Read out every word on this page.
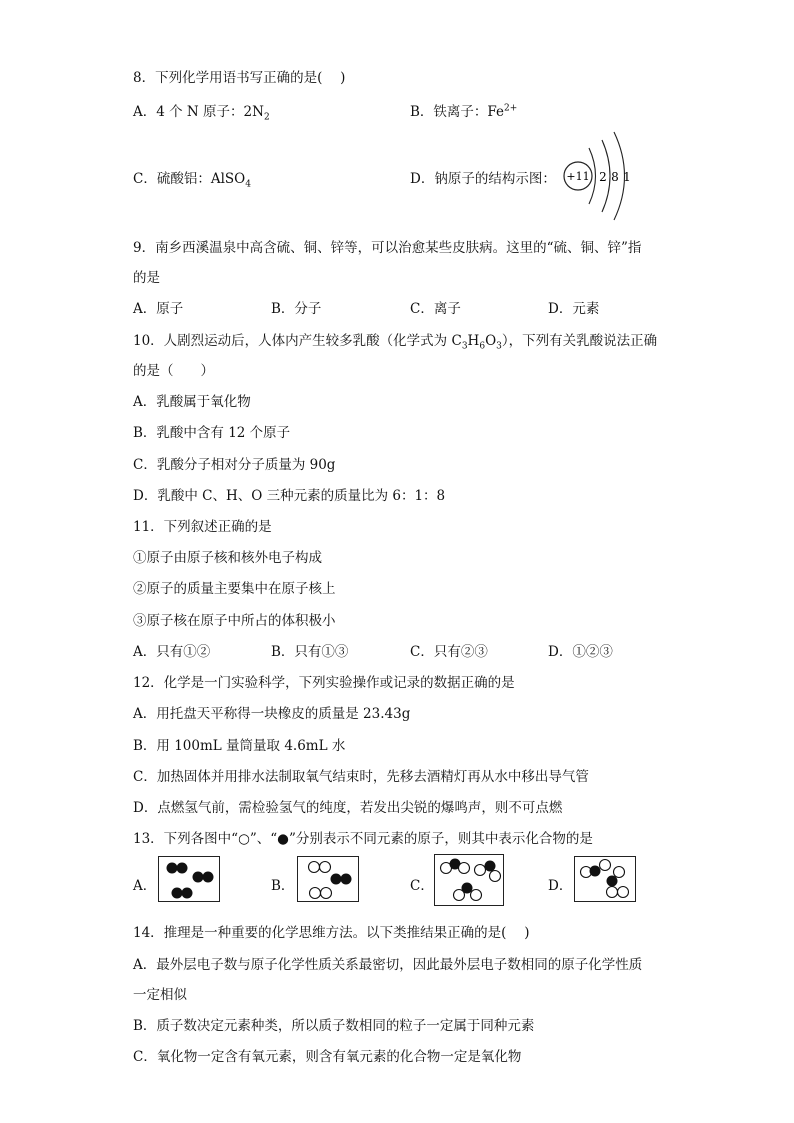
8．下列化学用语书写正确的是(　 )
A．4 个 N 原子：$2N_2$	B．铁离子：$Fe^{2+}$
C．硫酸铝：AlSO$_4$	D．钠原子的结构示图： +11 2 8 1
9．南乡西溪温泉中高含硫、铜、锌等，可以治愈某些皮肤病。这里的“硫、铜、锌”指
的是
A．原子	B．分子	C．离子	D．元素
10．人剧烈运动后，人体内产生较多乳酸（化学式为 $C_3H_6O_3$），下列有关乳酸说法正确
的是（　　）
A．乳酸属于氧化物
B．乳酸中含有 12 个原子
C．乳酸分子相对分子质量为 90g
D．乳酸中 C、H、O 三种元素的质量比为 6：1：8
11．下列叙述正确的是
①原子由原子核和核外电子构成
②原子的质量主要集中在原子核上
③原子核在原子中所占的体积极小
A．只有①②	B．只有①③	C．只有②③	D．①②③
12．化学是一门实验科学，下列实验操作或记录的数据正确的是
A．用托盘天平称得一块橡皮的质量是 23.43g
B．用 100mL 量筒量取 4.6mL 水
C．加热固体并用排水法制取氧气结束时，先移去酒精灯再从水中移出导气管
D．点燃氢气前，需检验氢气的纯度，若发出尖锐的爆鸣声，则不可点燃
13．下列各图中“○”、“●”分别表示不同元素的原子，则其中表示化合物的是
A．	B．	C．	D．
14．推理是一种重要的化学思维方法。以下类推结果正确的是(　 )
A．最外层电子数与原子化学性质关系最密切，因此最外层电子数相同的原子化学性质
一定相似
B．质子数决定元素种类，所以质子数相同的粒子一定属于同种元素
C．氧化物一定含有氧元素，则含有氧元素的化合物一定是氧化物
